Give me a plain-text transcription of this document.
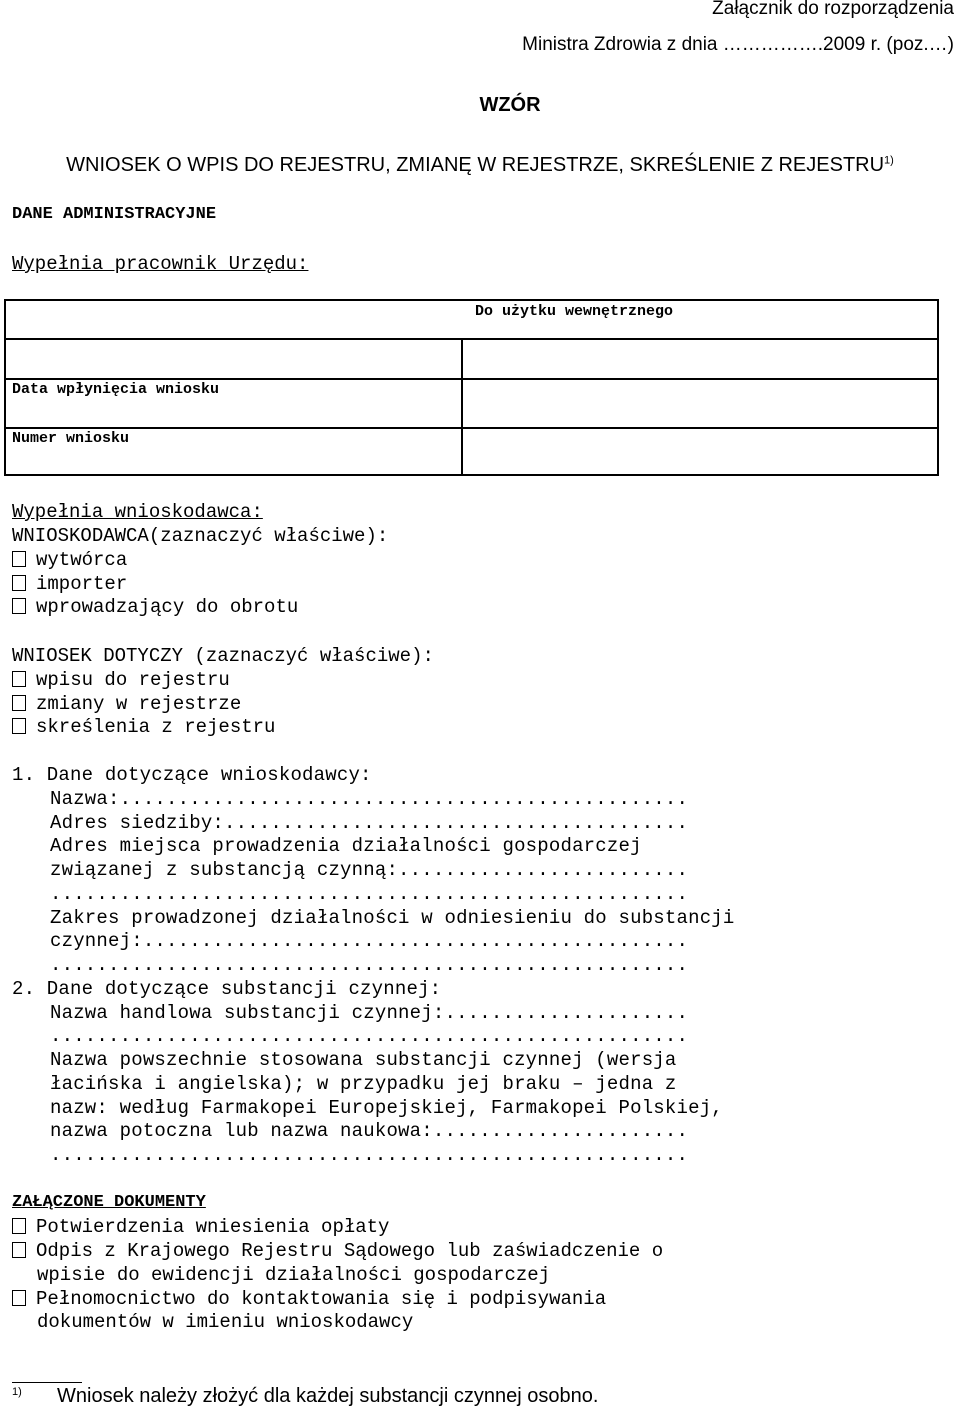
Załącznik do rozporządzenia
Ministra Zdrowia z dnia …………….2009 r. (poz.…)
WZÓR
WNIOSEK O WPIS DO REJESTRU, ZMIANĘ W REJESTRZE, SKREŚLENIE Z REJESTRU$^{1)}$
DANE ADMINISTRACYJNE
Wypełnia pracownik Urzędu:
Do użytku wewnętrznego
Data wpłynięcia wniosku
Numer wniosku
Wypełnia wnioskodawca:
WNIOSKODAWCA(zaznaczyć właściwe):
wytwórca
importer
wprowadzający do obrotu
WNIOSEK DOTYCZY (zaznaczyć właściwe):
wpisu do rejestru
zmiany w rejestrze
skreślenia z rejestru
1. Dane dotyczące wnioskodawcy:
Nazwa:.................................................
Adres siedziby:........................................
Adres miejsca prowadzenia działalności gospodarczej
związanej z substancją czynną:.........................
.......................................................
Zakres prowadzonej działalności w odniesieniu do substancji
czynnej:...............................................
.......................................................
2. Dane dotyczące substancji czynnej:
Nazwa handlowa substancji czynnej:.....................
.......................................................
Nazwa powszechnie stosowana substancji czynnej (wersja
łacińska i angielska); w przypadku jej braku – jedna z
nazw: według Farmakopei Europejskiej, Farmakopei Polskiej,
nazwa potoczna lub nazwa naukowa:......................
.......................................................
ZAŁĄCZONE DOKUMENTY
Potwierdzenia wniesienia opłaty
Odpis z Krajowego Rejestru Sądowego lub zaświadczenie o
wpisie do ewidencji działalności gospodarczej
Pełnomocnictwo do kontaktowania się i podpisywania
dokumentów w imieniu wnioskodawcy
1) Wniosek należy złożyć dla każdej substancji czynnej osobno.
